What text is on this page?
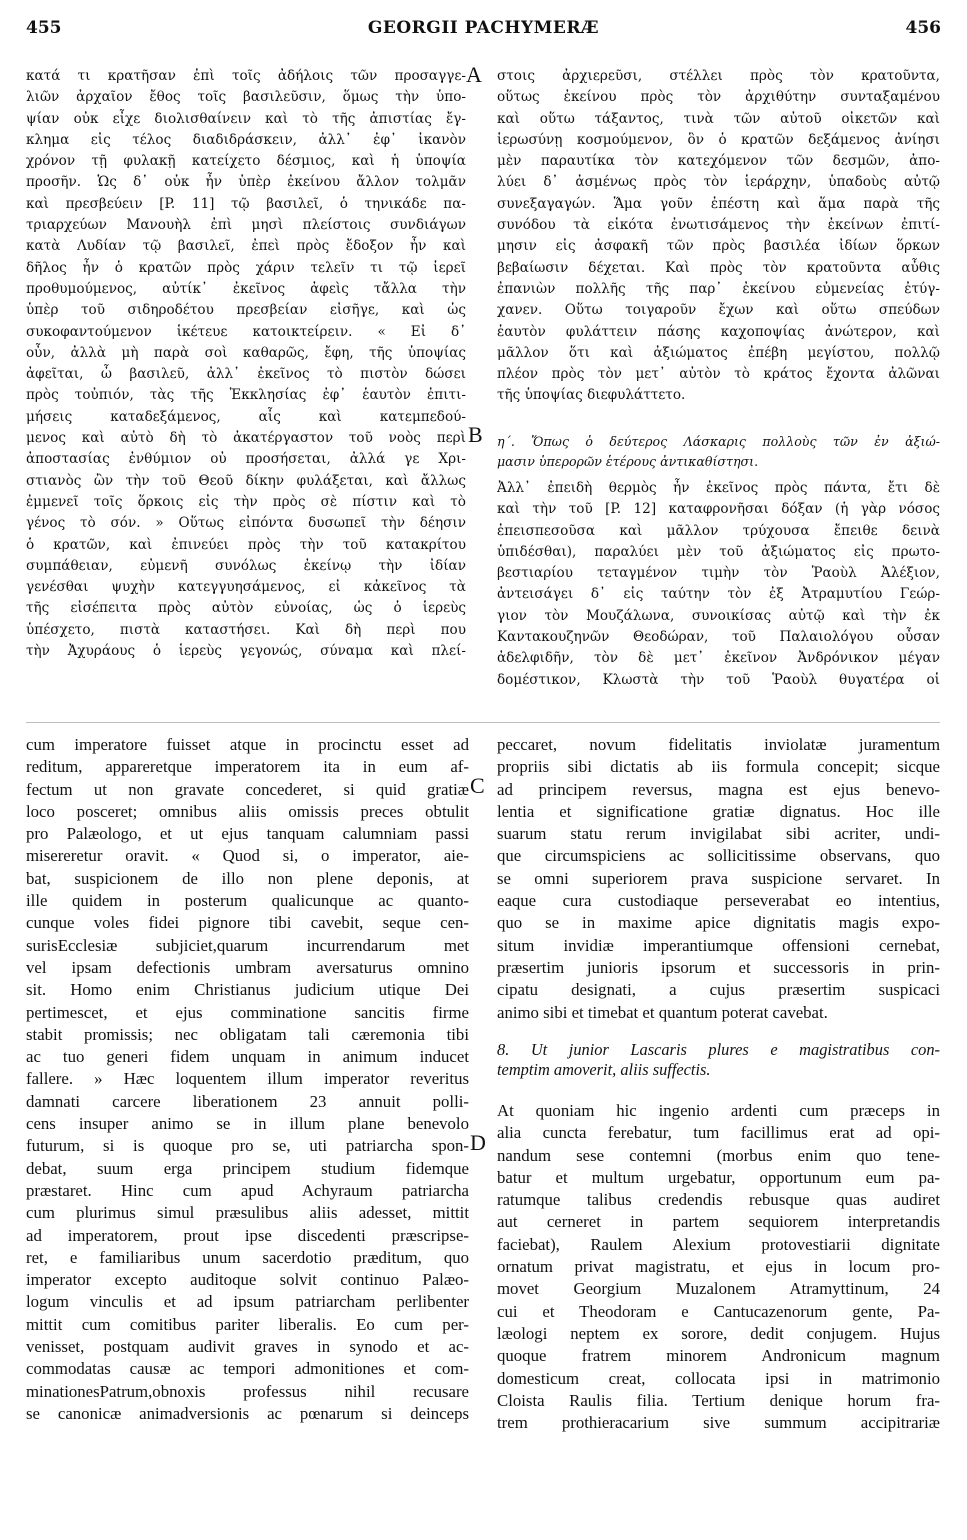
455	GEORGII PACHYMERÆ	456
A
B
C
D
κατά τι κρατῆσαν ἐπὶ τοῖς ἀδήλοις τῶν προσαγγε-
λιῶν ἀρχαῖον ἔθος τοῖς βασιλεῦσιν, ὅμως τὴν ὑπο-
ψίαν οὐκ εἶχε διολισθαίνειν καὶ τὸ τῆς ἀπιστίας ἔγ-
κλημα εἰς τέλος διαδιδράσκειν, ἀλλ᾽ ἐφ᾽ ἱκανὸν
χρόνον τῇ φυλακῇ κατείχετο δέσμιος, καὶ ἡ ὑποψία
προσῆν. Ὡς δ᾽ οὐκ ἦν ὑπὲρ ἐκείνου ἄλλον τολμᾶν
καὶ πρεσβεύειν [P. 11] τῷ βασιλεῖ, ὁ τηνικάδε πα-
τριαρχεύων Μανουὴλ ἐπὶ μησὶ πλείστοις συνδιάγων
κατὰ Λυδίαν τῷ βασιλεῖ, ἐπεὶ πρὸς ἔδοξον ἦν καὶ
δῆλος ἦν ὁ κρατῶν πρὸς χάριν τελεῖν τι τῷ ἱερεῖ
προθυμούμενος, αὐτίκ᾽ ἐκεῖνος ἀφεὶς τἄλλα τὴν
ὑπὲρ τοῦ σιδηροδέτου πρεσβείαν εἰσῆγε, καὶ ὡς
συκοφαντούμενον ἱκέτευε κατοικτείρειν. « Εἰ δ᾽
οὖν, ἀλλὰ μὴ παρὰ σοὶ καθαρῶς, ἔφη, τῆς ὑποψίας
ἀφεῖται, ὦ βασιλεῦ, ἀλλ᾽ ἐκεῖνος τὸ πιστὸν δώσει
πρὸς τοὐπιόν, τὰς τῆς Ἐκκλησίας ἐφ᾽ ἑαυτὸν ἐπιτι-
μήσεις καταδεξάμενος, αἷς καὶ κατεμπεδού-
μενος καὶ αὐτὸ δὴ τὸ ἀκατέργαστον τοῦ νοὸς περὶ
ἀποστασίας ἐνθύμιον οὐ προσήσεται, ἀλλά γε Χρι-
στιανὸς ὢν τὴν τοῦ Θεοῦ δίκην φυλάξεται, καὶ ἄλλως
ἐμμενεῖ τοῖς ὅρκοις εἰς τὴν πρὸς σὲ πίστιν καὶ τὸ
γένος τὸ σόν. » Οὕτως εἰπόντα δυσωπεῖ τὴν δέησιν
ὁ κρατῶν, καὶ ἐπινεύει πρὸς τὴν τοῦ κατακρίτου
συμπάθειαν, εὐμενῆ συνόλως ἐκείνῳ τὴν ἰδίαν
γενέσθαι ψυχὴν κατεγγυησάμενος, εἰ κἀκεῖνος τὰ
τῆς εἰσέπειτα πρὸς αὐτὸν εὐνοίας, ὡς ὁ ἱερεὺς
ὑπέσχετο, πιστὰ καταστήσει. Καὶ δὴ περὶ που
τὴν Ἀχυράους ὁ ἱερεὺς γεγονώς, σύναμα καὶ πλεί-
στοις ἀρχιερεῦσι, στέλλει πρὸς τὸν κρατοῦντα,
οὕτως ἐκείνου πρὸς τὸν ἀρχιθύτην συνταξαμένου
καὶ οὕτω τάξαντος, τινὰ τῶν αὐτοῦ οἰκετῶν καὶ
ἱερωσύνῃ κοσμούμενον, ὃν ὁ κρατῶν δεξάμενος ἀνίησι
μὲν παραυτίκα τὸν κατεχόμενον τῶν δεσμῶν, ἀπο-
λύει δ᾽ ἀσμένως πρὸς τὸν ἱεράρχην, ὑπαδοὺς αὐτῷ
συνεξαγαγών. Ἅμα γοῦν ἐπέστη καὶ ἅμα παρὰ τῆς
συνόδου τὰ εἰκότα ἐνωτισάμενος τὴν ἐκείνων ἐπιτί-
μησιν εἰς ἀσφακῆ τῶν πρὸς βασιλέα ἰδίων ὅρκων
βεβαίωσιν δέχεται. Καὶ πρὸς τὸν κρατοῦντα αὖθις
ἐπανιὼν πολλῆς τῆς παρ᾽ ἐκείνου εὐμενείας ἐτύγ-
χανεν. Οὕτω τοιγαροῦν ἔχων καὶ οὕτω σπεύδων
ἑαυτὸν φυλάττειν πάσης καχοποψίας ἀνώτερον, καὶ
μᾶλλον ὅτι καὶ ἀξιώματος ἐπέβη μεγίστου, πολλῷ
πλέον πρὸς τὸν μετ᾽ αὐτὸν τὸ κράτος ἔχοντα ἀλῶναι
τῆς ὑποψίας διεφυλάττετο.
η΄. Ὅπως ὁ δεύτερος Λάσκαρις πολλοὺς τῶν ἐν ἀξιώ-
μασιν ὑπερορῶν ἑτέρους ἀντικαθίστησι.
Ἀλλ᾽ ἐπειδὴ θερμὸς ἦν ἐκεῖνος πρὸς πάντα, ἔτι δὲ
καὶ τὴν τοῦ [P. 12] καταφρονῆσαι δόξαν (ἡ γὰρ νόσος
ἐπεισπεσοῦσα καὶ μᾶλλον τρύχουσα ἔπειθε δεινὰ
ὑπιδέσθαι), παραλύει μὲν τοῦ ἀξιώματος εἰς πρωτο-
βεστιαρίου τεταγμένον τιμὴν τὸν Ῥαοὺλ Ἀλέξιον,
ἀντεισάγει δ᾽ εἰς ταύτην τὸν ἐξ Ἀτραμυτίου Γεώρ-
γιον τὸν Μουζάλωνα, συνοικίσας αὐτῷ καὶ τὴν ἐκ
Καντακουζηνῶν Θεοδώραν, τοῦ Παλαιολόγου οὖσαν
ἀδελφιδῆν, τὸν δὲ μετ᾽ ἐκεῖνον Ἀνδρόνικον μέγαν
δομέστικον, Κλωστὰ τὴν τοῦ Ῥαοὺλ θυγατέρα οἱ
cum imperatore fuisset atque in procinctu esset ad
reditum, appareretque imperatorem ita in eum af-
fectum ut non gravate concederet, si quid gratiæ
loco posceret; omnibus aliis omissis preces obtulit
pro Palæologo, et ut ejus tanquam calumniam passi
misereretur oravit. « Quod si, o imperator, aie-
bat, suspicionem de illo non plene deponis, at
ille quidem in posterum qualicunque ac quanto-
cunque voles fidei pignore tibi cavebit, seque cen-
surisEcclesiæ subjiciet,quarum incurrendarum met
vel ipsam defectionis umbram aversaturus omnino
sit. Homo enim Christianus judicium utique Dei
pertimescet, et ejus comminatione sancitis firme
stabit promissis; nec obligatam tali cæremonia tibi
ac tuo generi fidem unquam in animum inducet
fallere. » Hæc loquentem illum imperator reveritus
damnati carcere liberationem 23 annuit polli-
cens insuper animo se in illum plane benevolo
futurum, si is quoque pro se, uti patriarcha spon-
debat, suum erga principem studium fidemque
præstaret. Hinc cum apud Achyraum patriarcha
cum plurimus simul præsulibus aliis adesset, mittit
ad imperatorem, prout ipse discedenti præscripse-
ret, e familiaribus unum sacerdotio præditum, quo
imperator excepto auditoque solvit continuo Palæo-
logum vinculis et ad ipsum patriarcham perlibenter
mittit cum comitibus pariter liberalis. Eo cum per-
venisset, postquam audivit graves in synodo et ac-
commodatas causæ ac tempori admonitiones et com-
minationesPatrum,obnoxis professus nihil recusare
se canonicæ animadversionis ac pœnarum si deinceps
peccaret, novum fidelitatis inviolatæ juramentum
propriis sibi dictatis ab iis formula concepit; sicque
ad principem reversus, magna est ejus benevo-
lentia et significatione gratiæ dignatus. Hoc ille
suarum statu rerum invigilabat sibi acriter, undi-
que circumspiciens ac sollicitissime observans, quo
se omni superiorem prava suspicione servaret. In
eaque cura custodiaque perseverabat eo intentius,
quo se in maxime apice dignitatis magis expo-
situm invidiæ imperantiumque offensioni cernebat,
præsertim junioris ipsorum et successoris in prin-
cipatu designati, a cujus præsertim suspicaci
animo sibi et timebat et quantum poterat cavebat.
8. Ut junior Lascaris plures e magistratibus con-
temptim amoverit, aliis suffectis.
At quoniam hic ingenio ardenti cum præceps in
alia cuncta ferebatur, tum facillimus erat ad opi-
nandum sese contemni (morbus enim quo tene-
batur et multum urgebatur, opportunum eum pa-
ratumque talibus credendis rebusque quas audiret
aut cerneret in partem sequiorem interpretandis
faciebat), Raulem Alexium protovestiarii dignitate
ornatum privat magistratu, et ejus in locum pro-
movet Georgium Muzalonem Atramyttinum, 24
cui et Theodoram e Cantucazenorum gente, Pa-
læologi neptem ex sorore, dedit conjugem. Hujus
quoque fratrem minorem Andronicum magnum
domesticum creat, collocata ipsi in matrimonio
Cloista Raulis filia. Tertium denique horum fra-
trem prothieracarium sive summum accipitrariæ
